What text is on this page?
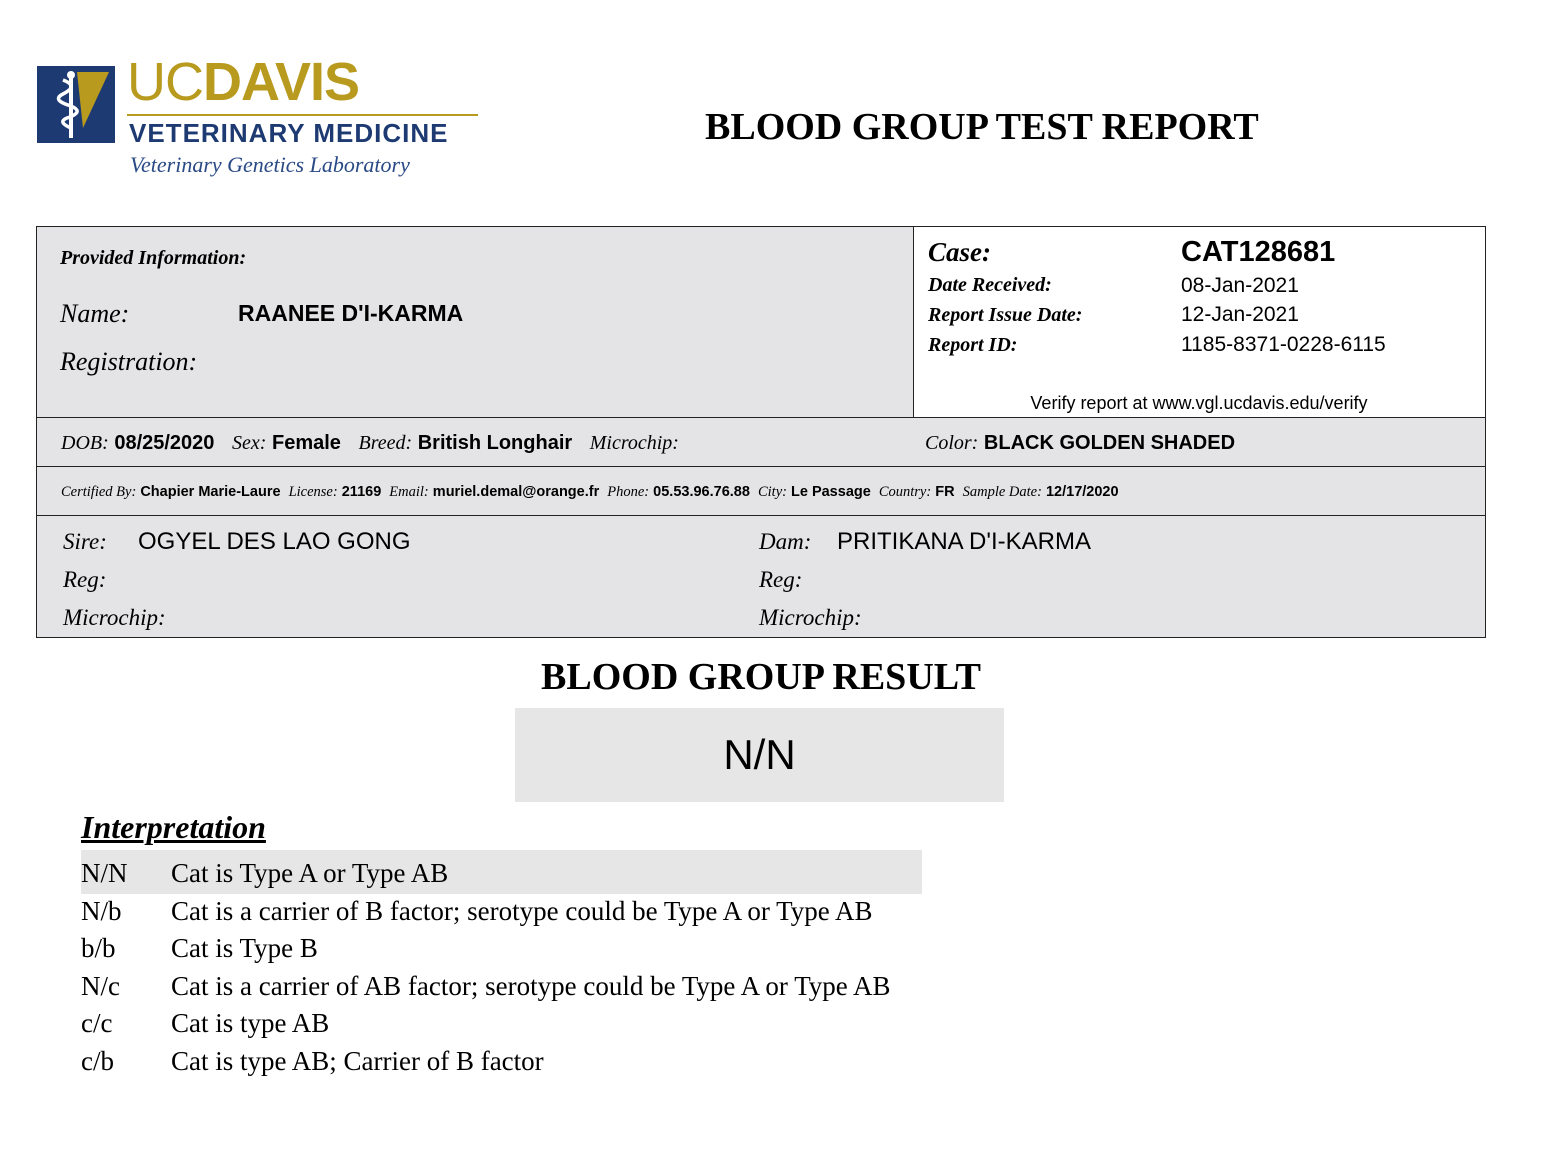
UCDAVIS
VETERINARY MEDICINE
Veterinary Genetics Laboratory
BLOOD GROUP TEST REPORT
Provided Information:
Name:	RAANEE D'I-KARMA
Registration:
Case:	CAT128681
Date Received:	08-Jan-2021
Report Issue Date:	12-Jan-2021
Report ID:	1185-8371-0228-6115
Verify report at www.vgl.ucdavis.edu/verify
DOB: 08/25/2020 Sex: Female Breed: British Longhair Microchip:	Color: BLACK GOLDEN SHADED
Certified By: Chapier Marie-Laure License: 21169 Email: muriel.demal@orange.fr Phone: 05.53.96.76.88 City: Le Passage Country: FR Sample Date: 12/17/2020
Sire: OGYEL DES LAO GONG
Reg:
Microchip:
Dam: PRITIKANA D'I-KARMA
Reg:
Microchip:
BLOOD GROUP RESULT
N/N
Interpretation
N/N Cat is Type A or Type AB
N/b Cat is a carrier of B factor; serotype could be Type A or Type AB
b/b Cat is Type B
N/c Cat is a carrier of AB factor; serotype could be Type A or Type AB
c/c Cat is type AB
c/b Cat is type AB; Carrier of B factor
